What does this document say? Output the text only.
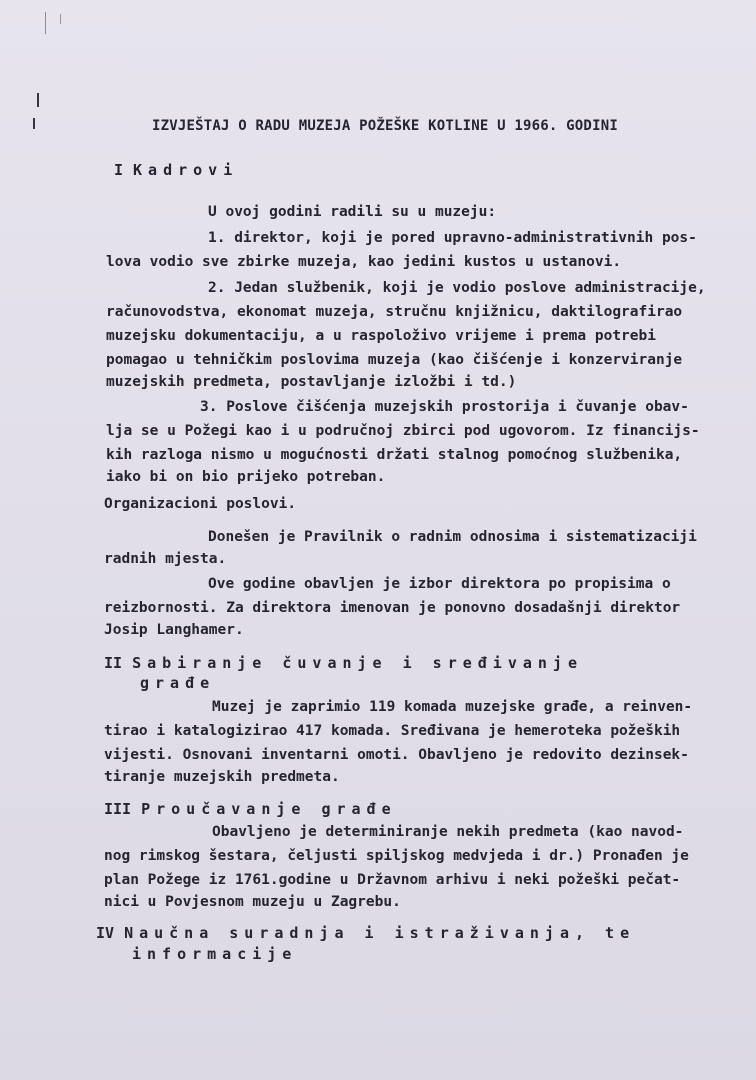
IZVJEŠTAJ O RADU MUZEJA POŽEŠKE KOTLINE U 1966. GODINI
I Kadrovi
U ovoj godini radili su u muzeju:
1. direktor, koji je pored upravno-administrativnih pos-
lova vodio sve zbirke muzeja, kao jedini kustos u ustanovi.
2. Jedan službenik, koji je vodio poslove administracije,
računovodstva, ekonomat muzeja, stručnu knjižnicu, daktilografirao
muzejsku dokumentaciju, a u raspoloživo vrijeme i prema potrebi
pomagao u tehničkim poslovima muzeja (kao čišćenje i konzerviranje
muzejskih predmeta, postavljanje izložbi i td.)
3. Poslove čišćenja muzejskih prostorija i čuvanje obav-
lja se u Požegi kao i u područnoj zbirci pod ugovorom. Iz financijs-
kih razloga nismo u mogućnosti držati stalnog pomoćnog službenika,
iako bi on bio prijeko potreban.
Organizacioni poslovi.
Donešen je Pravilnik o radnim odnosima i sistematizaciji
radnih mjesta.
Ove godine obavljen je izbor direktora po propisima o
reizbornosti. Za direktora imenovan je ponovno dosadašnji direktor
Josip Langhamer.
II Sabiranje čuvanje i sređivanje
građe
Muzej je zaprimio 119 komada muzejske građe, a reinven-
tirao i katalogizirao 417 komada. Sređivana je hemeroteka požeških
vijesti. Osnovani inventarni omoti. Obavljeno je redovito dezinsek-
tiranje muzejskih predmeta.
III Proučavanje građe
Obavljeno je determiniranje nekih predmeta (kao navod-
nog rimskog šestara, čeljusti spiljskog medvjeda i dr.) Pronađen je
plan Požege iz 1761.godine u Državnom arhivu i neki požeški pečat-
nici u Povjesnom muzeju u Zagrebu.
IV Naučna suradnja i istraživanja, te
informacije
